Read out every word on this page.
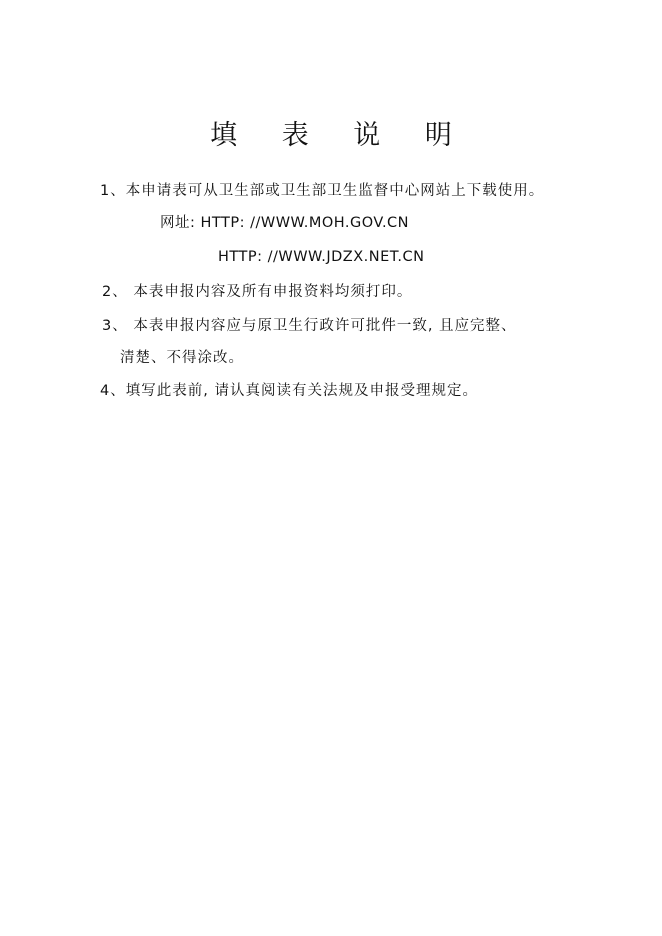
填 表 说 明
1、本申请表可从卫生部或卫生部卫生监督中心网站上下载使用。
网址: HTTP: //WWW.MOH.GOV.CN
HTTP: //WWW.JDZX.NET.CN
2、 本表申报内容及所有申报资料均须打印。
3、 本表申报内容应与原卫生行政许可批件一致, 且应完整、
清楚、不得涂改。
4、填写此表前, 请认真阅读有关法规及申报受理规定。
